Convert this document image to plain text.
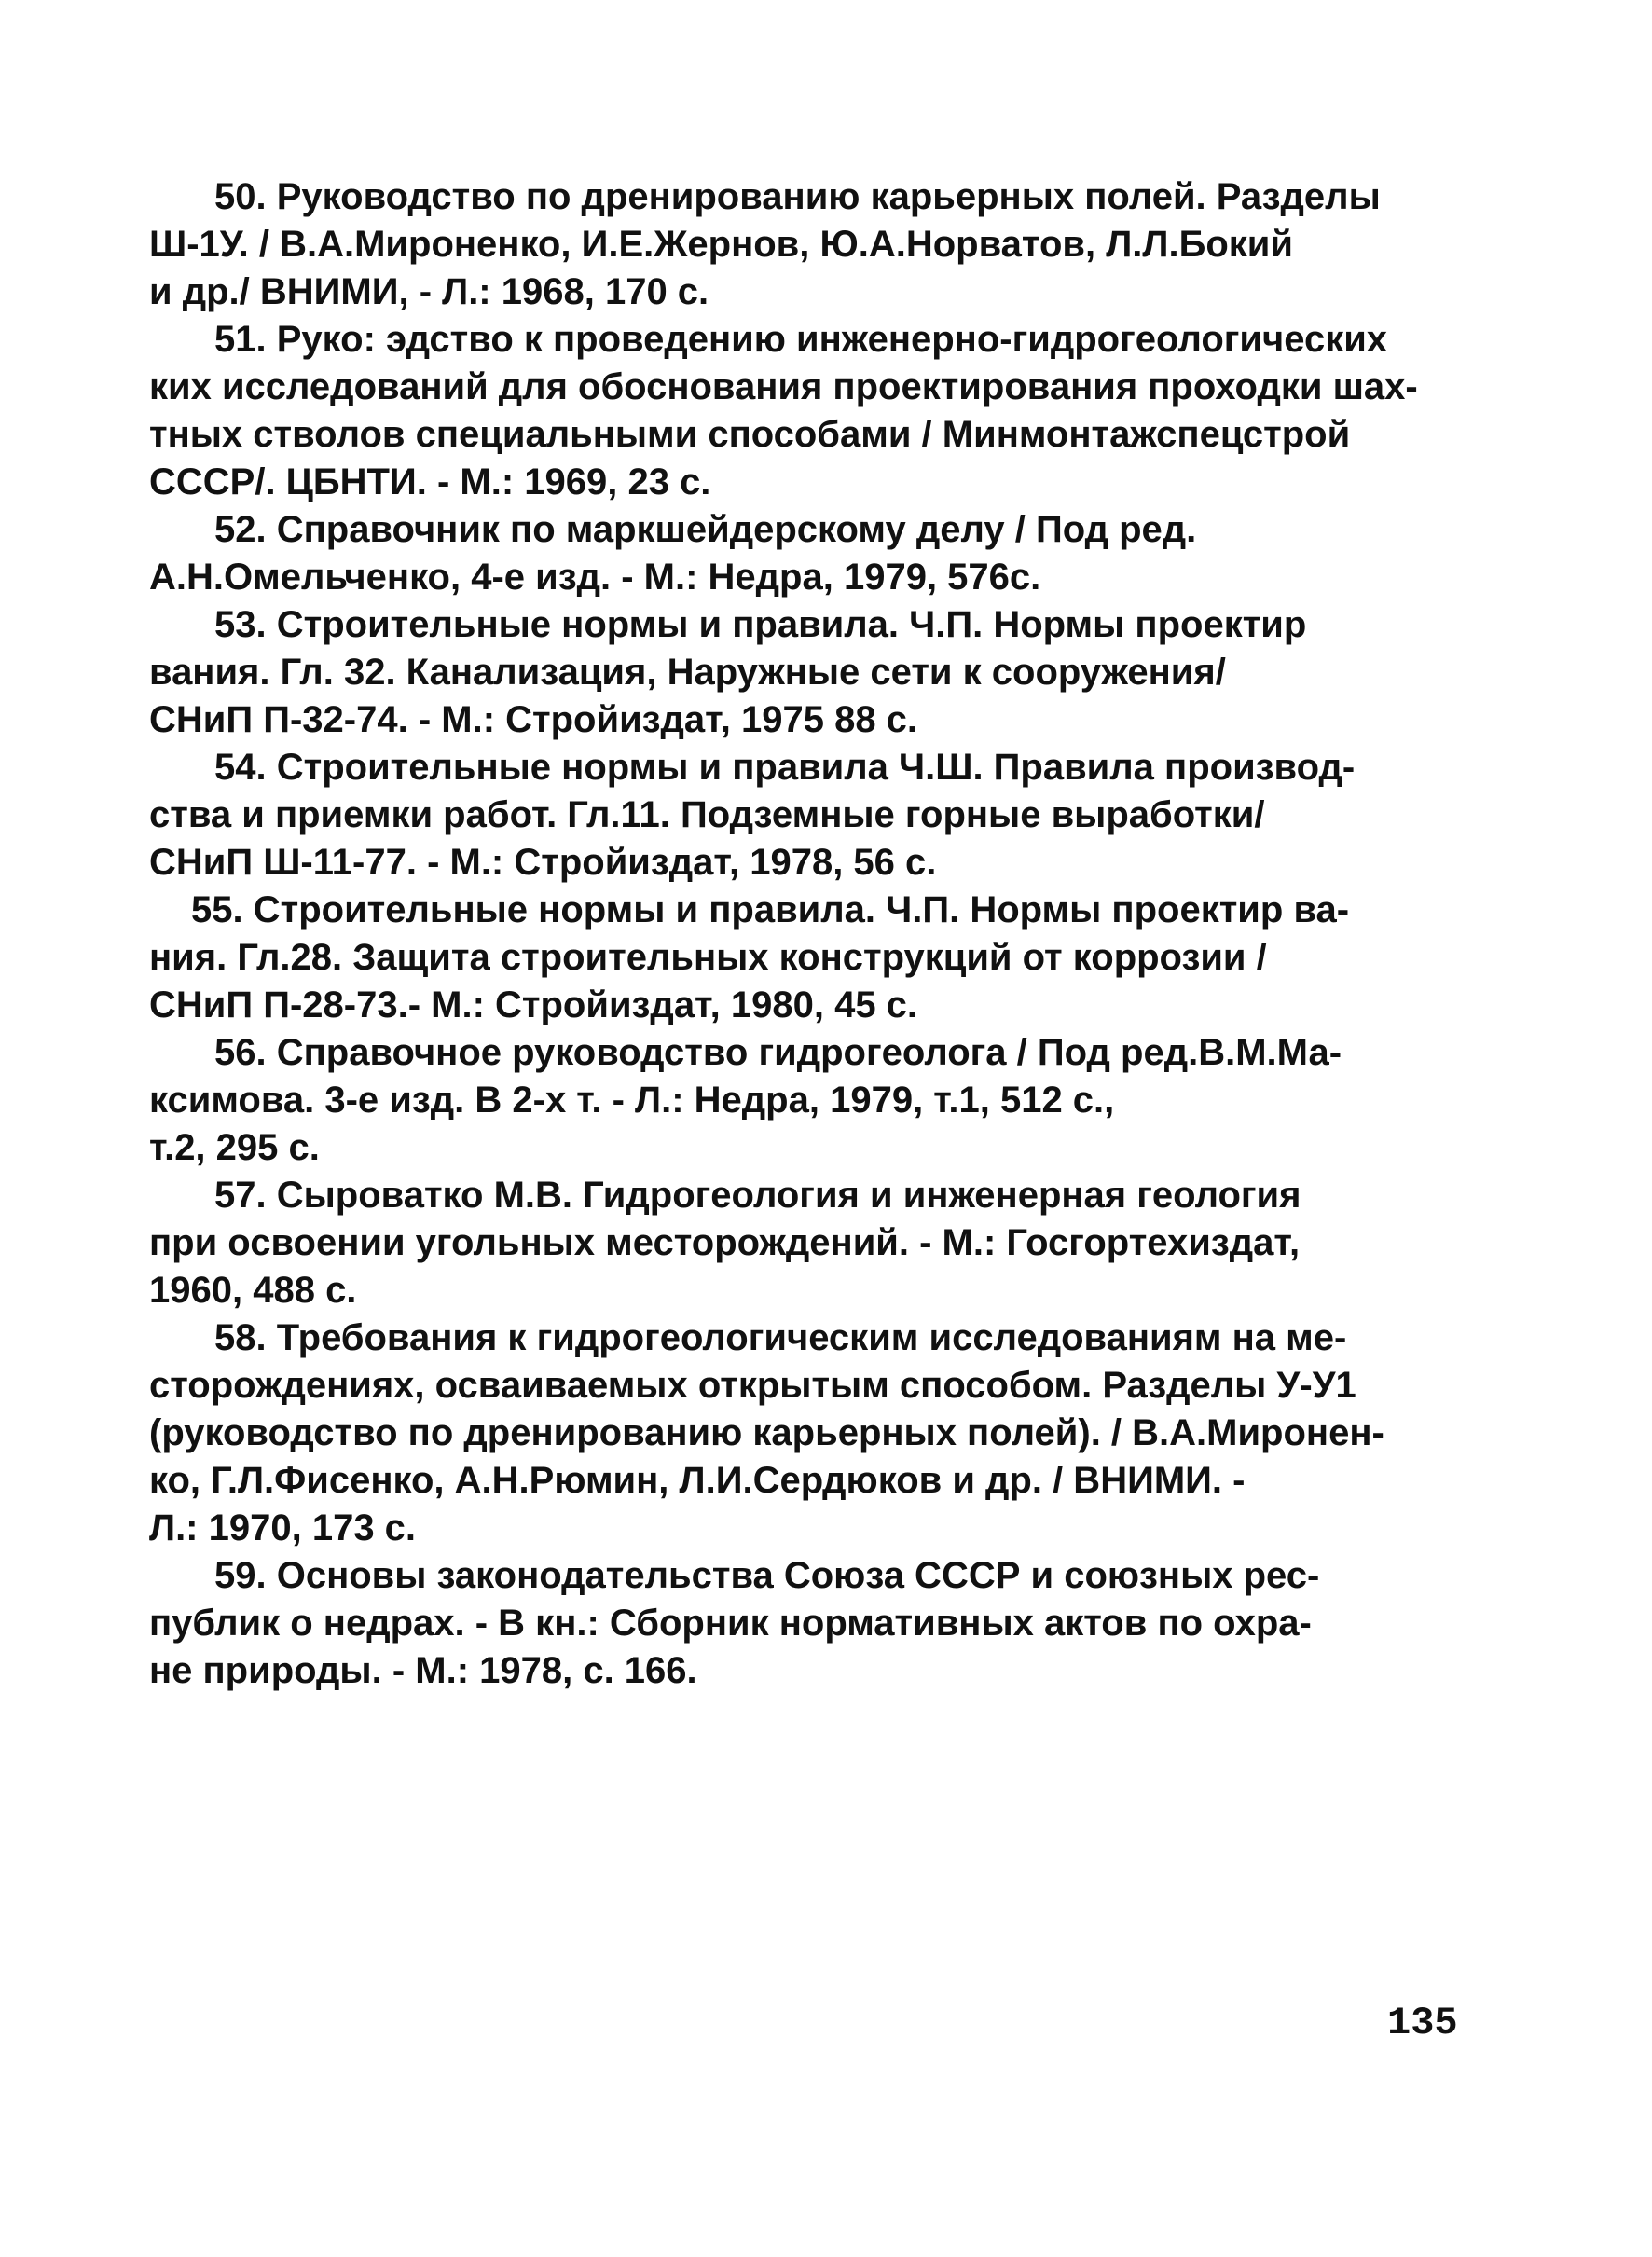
50. Руководство по дренированию карьерных полей. Разделы
Ш-1У. / В.А.Мироненко, И.Е.Жернов, Ю.А.Норватов, Л.Л.Бокий
и др./ ВНИМИ, - Л.: 1968, 170 с.
51. Руко: эдство к проведению инженерно-гидрогеологических
ких исследований для обоснования проектирования проходки шах-
тных стволов специальными способами / Минмонтажспецстрой
СССР/. ЦБНТИ. - М.: 1969, 23 с.
52. Справочник по маркшейдерскому делу / Под ред.
А.Н.Омельченко, 4-е изд. - М.: Недра, 1979, 576с.
53. Строительные нормы и правила. Ч.П. Нормы проектир
вания. Гл. 32. Канализация, Наружные сети к сооружения/
СНиП П-32-74. - М.: Стройиздат, 1975 88 с.
54. Строительные нормы и правила Ч.Ш. Правила производ-
ства и приемки работ. Гл.11. Подземные горные выработки/
СНиП Ш-11-77. - М.: Стройиздат, 1978, 56 с.
55. Строительные нормы и правила. Ч.П. Нормы проектир ва-
ния. Гл.28. Защита строительных конструкций от коррозии /
СНиП П-28-73.- М.: Стройиздат, 1980, 45 с.
56. Справочное руководство гидрогеолога / Под ред.В.М.Ма-
ксимова. 3-е изд. В 2-х т. - Л.: Недра, 1979, т.1, 512 с.,
т.2, 295 с.
57. Сыроватко М.В. Гидрогеология и инженерная геология
при освоении угольных месторождений. - М.: Госгортехиздат,
1960, 488 с.
58. Требования к гидрогеологическим исследованиям на ме-
сторождениях, осваиваемых открытым способом. Разделы У-У1
(руководство по дренированию карьерных полей). / В.А.Миронен-
ко, Г.Л.Фисенко, А.Н.Рюмин, Л.И.Сердюков и др. / ВНИМИ. -
Л.: 1970, 173 с.
59. Основы законодательства Союза СССР и союзных рес-
публик о недрах. - В кн.: Сборник нормативных актов по охра-
не природы. - М.: 1978, с. 166.
135
